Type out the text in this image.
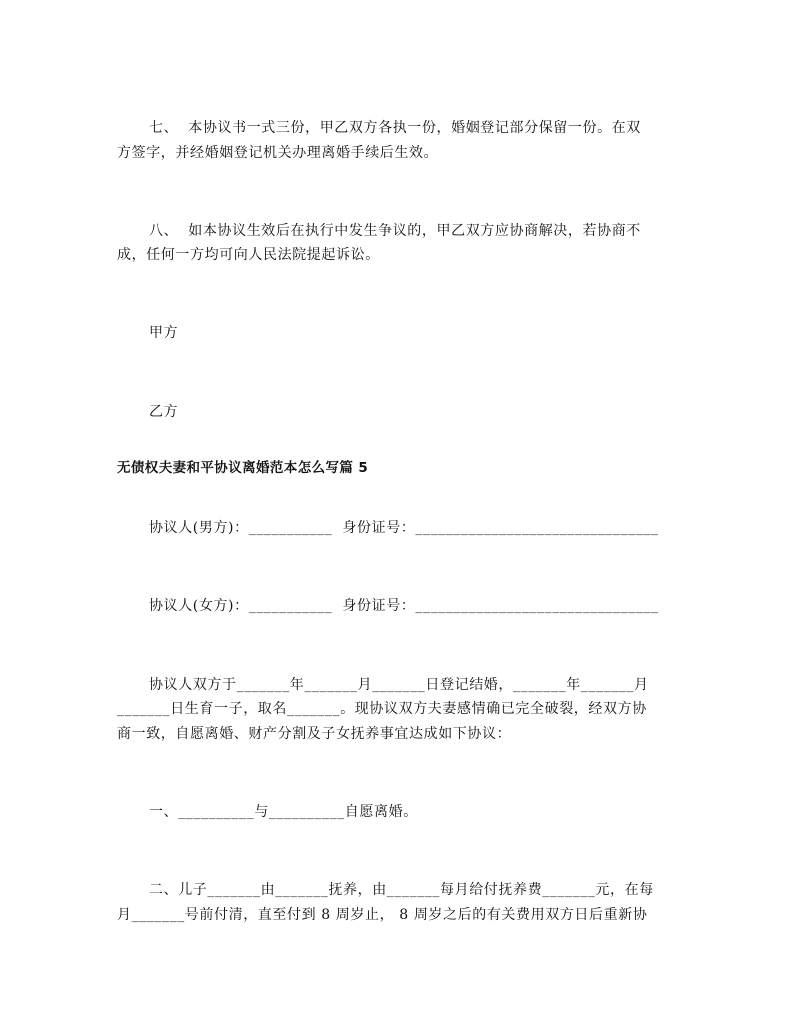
七、  本协议书一式三份，甲乙双方各执一份，婚姻登记部分保留一份。在双
方签字，并经婚姻登记机关办理离婚手续后生效。
八、  如本协议生效后在执行中发生争议的，甲乙双方应协商解决，若协商不
成，任何一方均可向人民法院提起诉讼。
甲方
乙方
无债权夫妻和平协议离婚范本怎么写篇 5
协议人(男方)：___________  身份证号：________________________________
协议人(女方)：___________  身份证号：________________________________
协议人双方于_______年_______月_______日登记结婚，_______年_______月
_______日生育一子，取名_______。现协议双方夫妻感情确已完全破裂，经双方协
商一致，自愿离婚、财产分割及子女抚养事宜达成如下协议：
一、__________与__________自愿离婚。
二、儿子_______由_______抚养，由_______每月给付抚养费_______元，在每
月_______号前付清，直至付到 8 周岁止， 8 周岁之后的有关费用双方日后重新协
